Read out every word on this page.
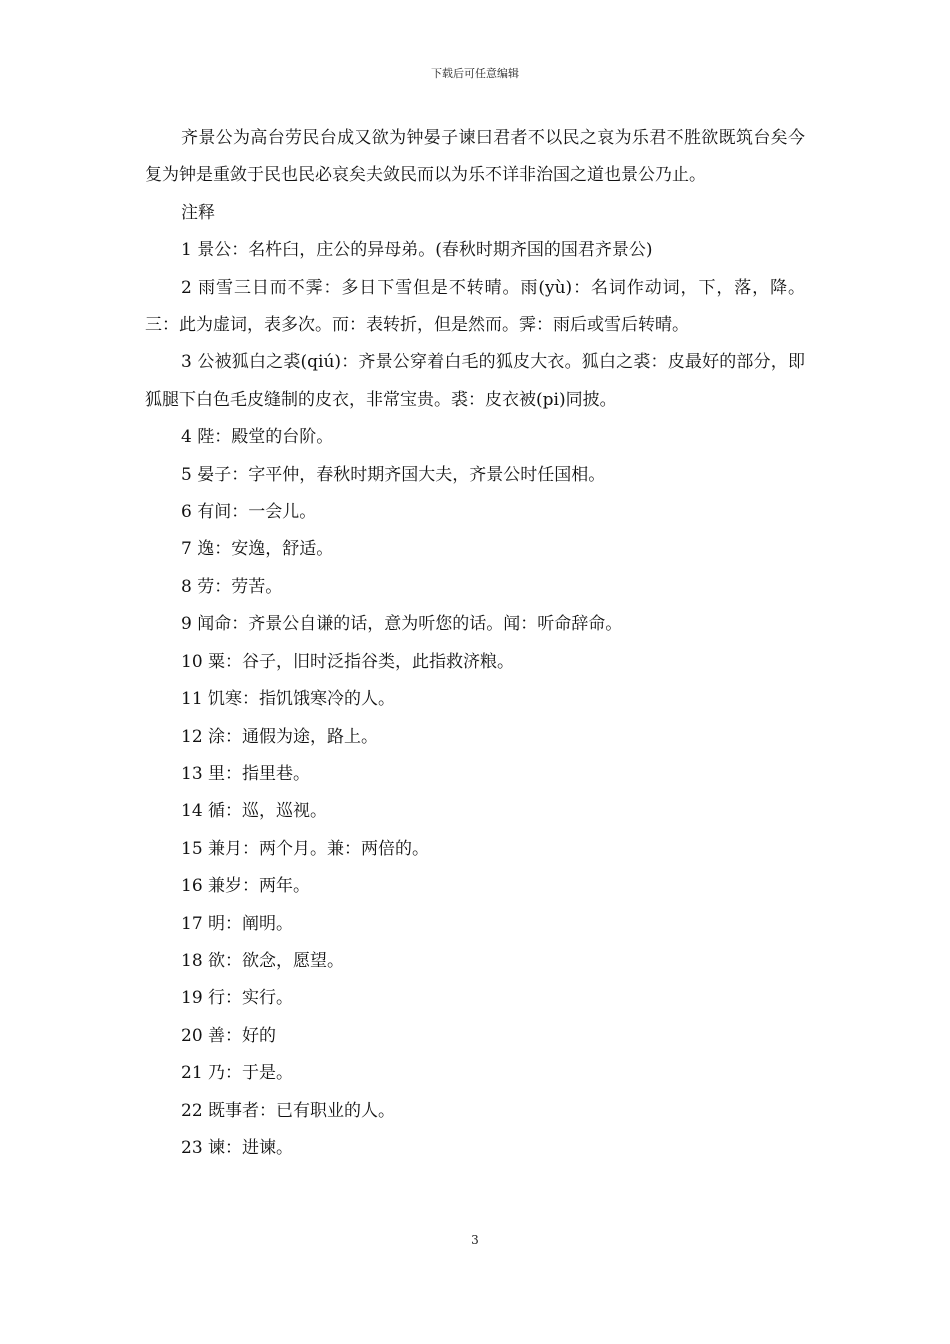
下载后可任意编辑

齐景公为高台劳民台成又欲为钟晏子谏曰君者不以民之哀为乐君不胜欲既筑台矣今复为钟是重敛于民也民必哀矣夫敛民而以为乐不详非治国之道也景公乃止。

注释

1 景公：名杵臼，庄公的异母弟。(春秋时期齐国的国君齐景公)

2 雨雪三日而不霁：多日下雪但是不转晴。雨(yù)：名词作动词，下，落，降。三：此为虚词，表多次。而：表转折，但是然而。霁：雨后或雪后转晴。

3 公被狐白之裘(qiú)：齐景公穿着白毛的狐皮大衣。狐白之裘：皮最好的部分，即狐腿下白色毛皮缝制的皮衣，非常宝贵。裘：皮衣被(pi)同披。

4 陛：殿堂的台阶。

5 晏子：字平仲，春秋时期齐国大夫，齐景公时任国相。

6 有间：一会儿。

7 逸：安逸，舒适。

8 劳：劳苦。

9 闻命：齐景公自谦的话，意为听您的话。闻：听命辞命。

10 粟：谷子，旧时泛指谷类，此指救济粮。

11 饥寒：指饥饿寒冷的人。

12 涂：通假为途，路上。

13 里：指里巷。

14 循：巡，巡视。

15 兼月：两个月。兼：两倍的。

16 兼岁：两年。

17 明：阐明。

18 欲：欲念，愿望。

19 行：实行。

20 善：好的

21 乃：于是。

22 既事者：已有职业的人。

23 谏：进谏。

3
